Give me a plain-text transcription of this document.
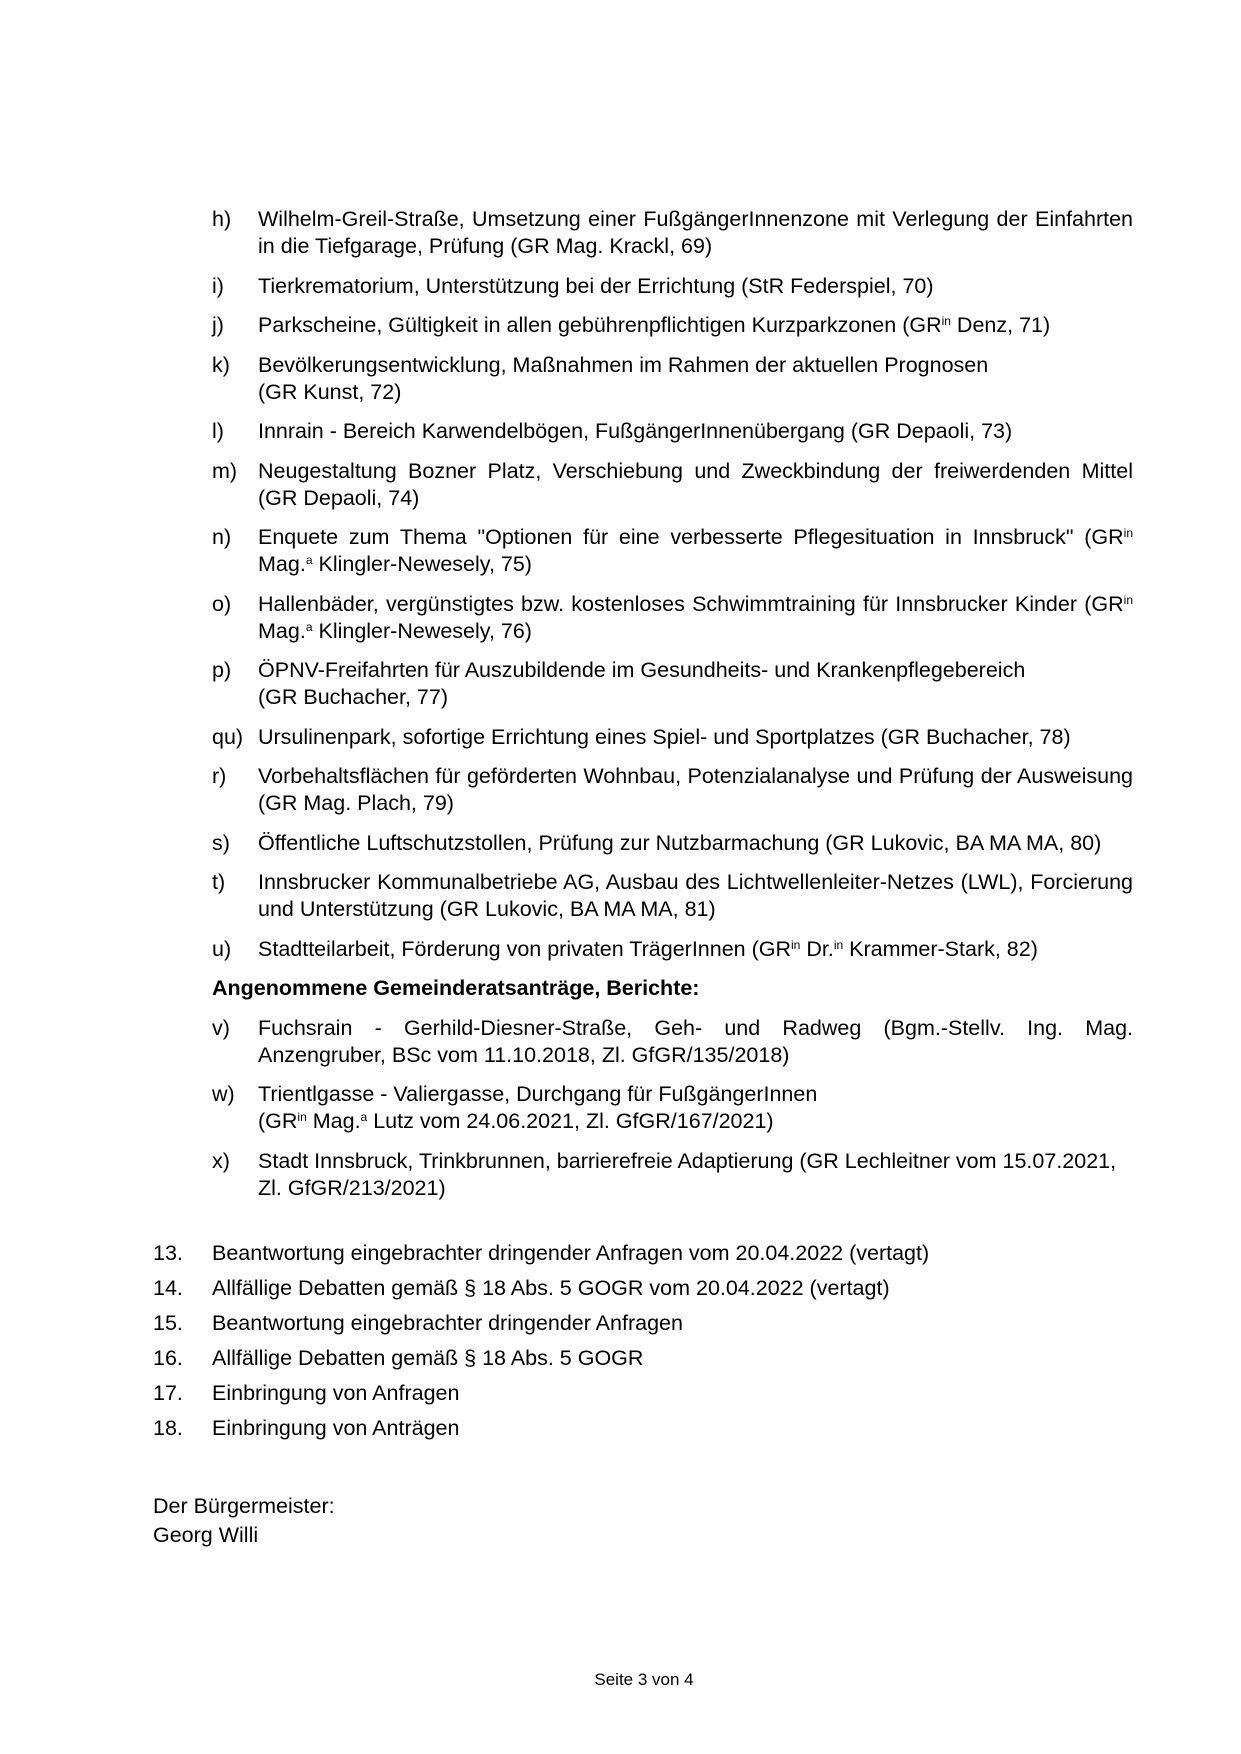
h)	Wilhelm-Greil-Straße, Umsetzung einer FußgängerInnenzone mit Verlegung der Einfahrten in die Tiefgarage, Prüfung (GR Mag. Krackl, 69)
i)	Tierkrematorium, Unterstützung bei der Errichtung (StR Federspiel, 70)
j)	Parkscheine, Gültigkeit in allen gebührenpflichtigen Kurzparkzonen ($GR^{in}$ Denz, 71)
k)	Bevölkerungsentwicklung, Maßnahmen im Rahmen der aktuellen Prognosen
(GR Kunst, 72)
l)	Innrain - Bereich Karwendelbögen, FußgängerInnenübergang (GR Depaoli, 73)
m) Neugestaltung Bozner Platz, Verschiebung und Zweckbindung der freiwerdenden Mittel (GR Depaoli, 74)
n)	Enquete zum Thema "Optionen für eine verbesserte Pflegesituation in Innsbruck" ($GR^{in}$ Mag.$^a$ Klingler-Newesely, 75)
o)	Hallenbäder, vergünstigtes bzw. kostenloses Schwimmtraining für Innsbrucker Kinder ($GR^{in}$ Mag.$^a$ Klingler-Newesely, 76)
p)	ÖPNV-Freifahrten für Auszubildende im Gesundheits- und Krankenpflegebereich
(GR Buchacher, 77)
qu) Ursulinenpark, sofortige Errichtung eines Spiel- und Sportplatzes (GR Buchacher, 78)
r)	Vorbehaltsflächen für geförderten Wohnbau, Potenzialanalyse und Prüfung der Ausweisung (GR Mag. Plach, 79)
s)	Öffentliche Luftschutzstollen, Prüfung zur Nutzbarmachung (GR Lukovic, BA MA MA, 80)
t)	Innsbrucker Kommunalbetriebe AG, Ausbau des Lichtwellenleiter-Netzes (LWL), Forcierung und Unterstützung (GR Lukovic, BA MA MA, 81)
u)	Stadtteilarbeit, Förderung von privaten TrägerInnen ($GR^{in}$ Dr.$^{in}$ Krammer-Stark, 82)
Angenommene Gemeinderatsanträge, Berichte:
v)	Fuchsrain - Gerhild-Diesner-Straße, Geh- und Radweg (Bgm.-Stellv. Ing. Mag. Anzengruber, BSc vom 11.10.2018, Zl. GfGR/135/2018)
w)	Trientlgasse - Valiergasse, Durchgang für FußgängerInnen
($GR^{in}$ Mag.$^a$ Lutz vom 24.06.2021, Zl. GfGR/167/2021)
x)	Stadt Innsbruck, Trinkbrunnen, barrierefreie Adaptierung (GR Lechleitner vom 15.07.2021, Zl. GfGR/213/2021)
13.	Beantwortung eingebrachter dringender Anfragen vom 20.04.2022 (vertagt)
14.	Allfällige Debatten gemäß § 18 Abs. 5 GOGR vom 20.04.2022 (vertagt)
15.	Beantwortung eingebrachter dringender Anfragen
16.	Allfällige Debatten gemäß § 18 Abs. 5 GOGR
17.	Einbringung von Anfragen
18.	Einbringung von Anträgen
Der Bürgermeister:
Georg Willi
Seite 3 von 4
